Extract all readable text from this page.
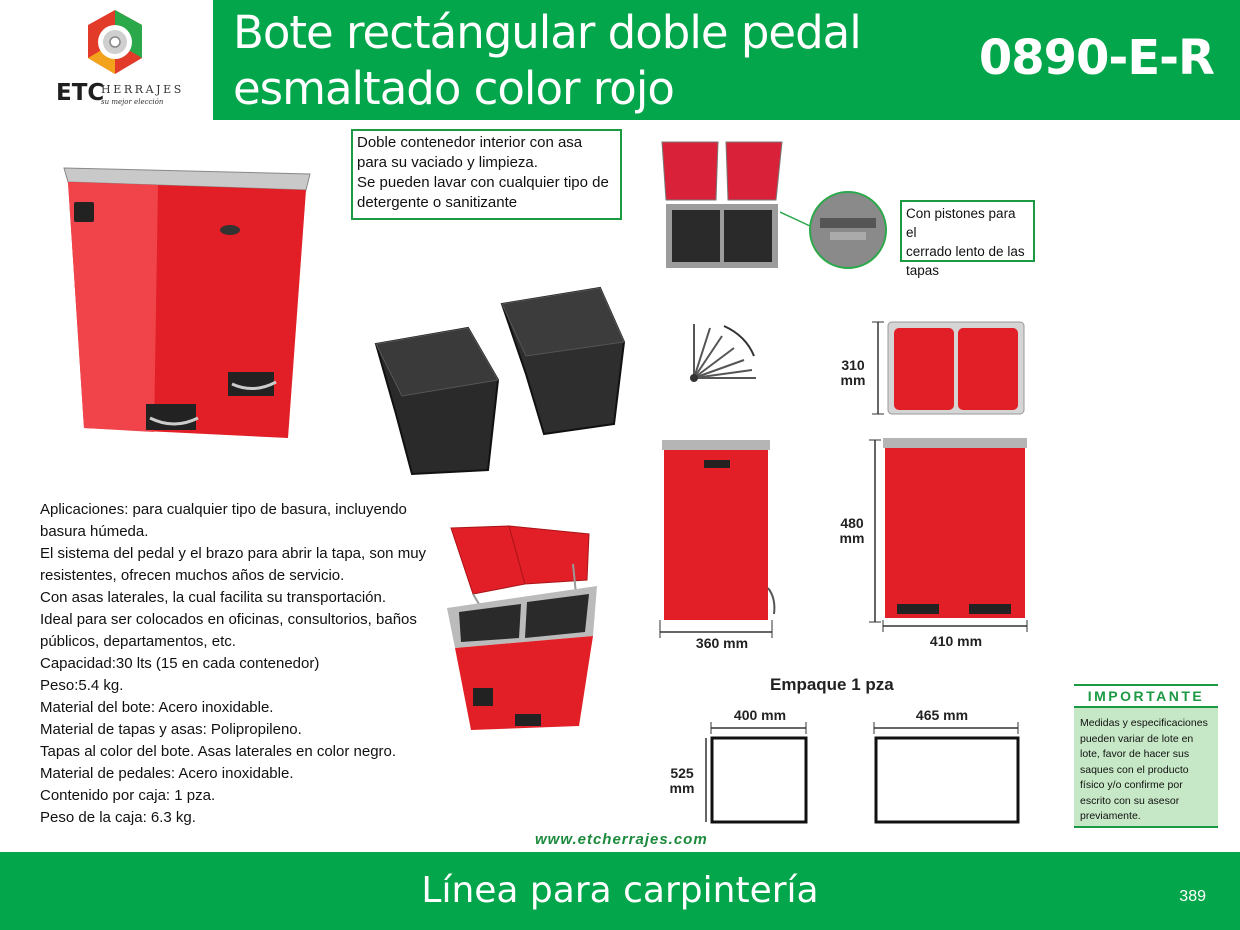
ETC
HERRAJES
su mejor elección
Bote rectángular doble pedal
esmaltado color rojo
0890-E-R
Doble contenedor interior con asa
para su vaciado y limpieza.
Se pueden lavar con cualquier tipo de
detergente o sanitizante
Con pistones para el
cerrado lento de las
tapas
310
mm
360 mm
480
mm
410 mm
Aplicaciones: para cualquier tipo de basura, incluyendo basura húmeda.
El sistema del pedal y el brazo para abrir la tapa, son muy resistentes, ofrecen muchos años de servicio.
Con asas laterales, la cual facilita su transportación.
Ideal para ser colocados en oficinas, consultorios, baños públicos, departamentos, etc.
Capacidad:30 lts (15 en cada contenedor)
Peso:5.4 kg.
Material del bote: Acero inoxidable.
Material de tapas y asas: Polipropileno.
Tapas al color del bote. Asas laterales en color negro.
Material de pedales: Acero inoxidable.
Contenido por caja: 1 pza.
Peso de la caja: 6.3 kg.
Empaque 1 pza
400 mm	465 mm
525
mm
IMPORTANTE
Medidas y especificaciones pueden variar de lote en lote, favor de hacer sus saques con el producto físico y/o confirme por escrito con su asesor previamente.
www.etcherrajes.com
Línea para carpintería	389
